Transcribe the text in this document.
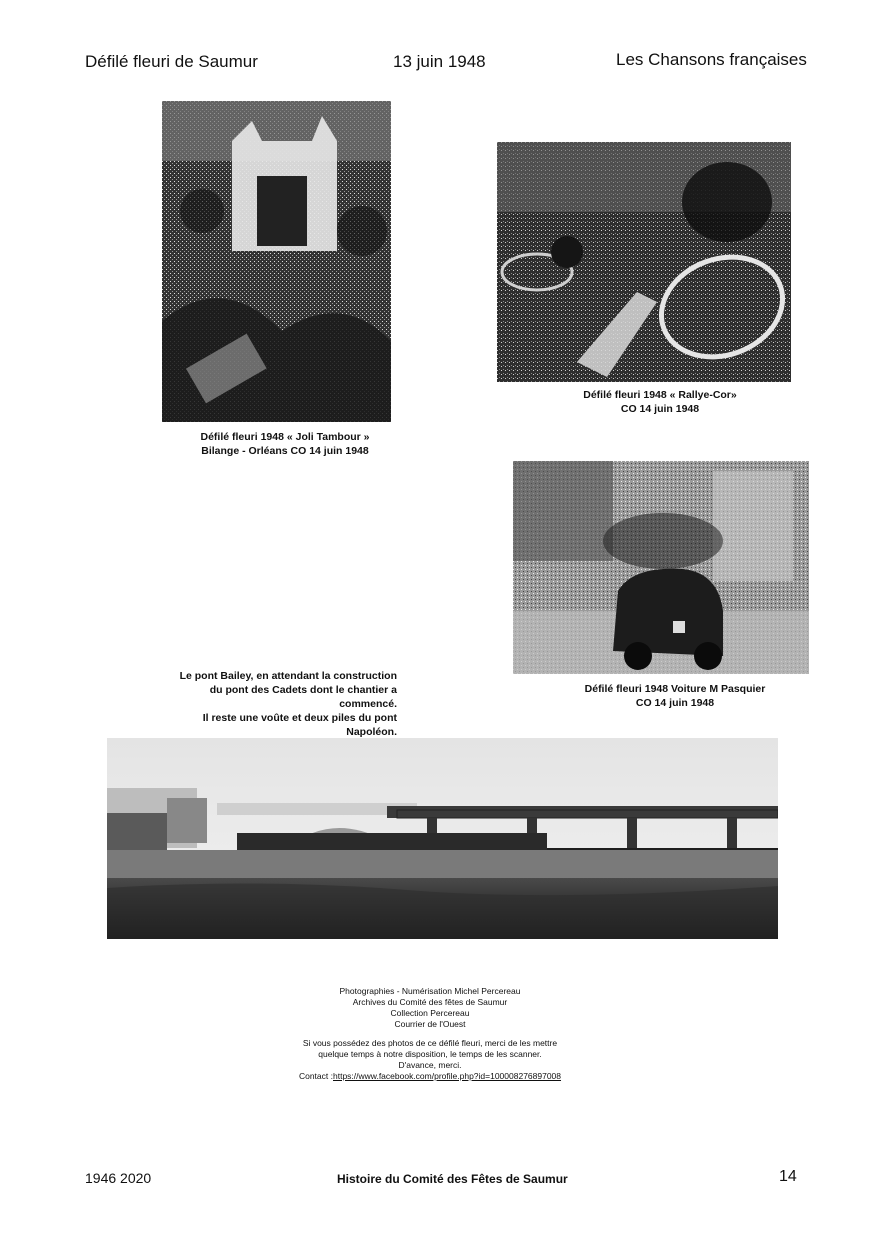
Défilé fleuri de Saumur	13 juin 1948	Les Chansons françaises
Défilé fleuri 1948 « Joli Tambour »
Bilange - Orléans CO 14 juin 1948
Défilé fleuri 1948 « Rallye-Cor»
CO 14 juin 1948
Défilé fleuri 1948 Voiture M Pasquier
CO 14 juin 1948
Le pont Bailey, en attendant la construction
du pont des Cadets dont le chantier a commencé.
Il reste une voûte et deux piles du pont Napoléon.
Photographies - Numérisation Michel Percereau
Archives du Comité des fêtes de Saumur
Collection Percereau
Courrier de l'Ouest
Si vous possédez des photos de ce défilé fleuri, merci de les mettre
quelque temps à notre disposition, le temps de les scanner.
D'avance, merci.
Contact :https://www.facebook.com/profile.php?id=100008276897008
1946 2020	Histoire du Comité des Fêtes de Saumur	14
